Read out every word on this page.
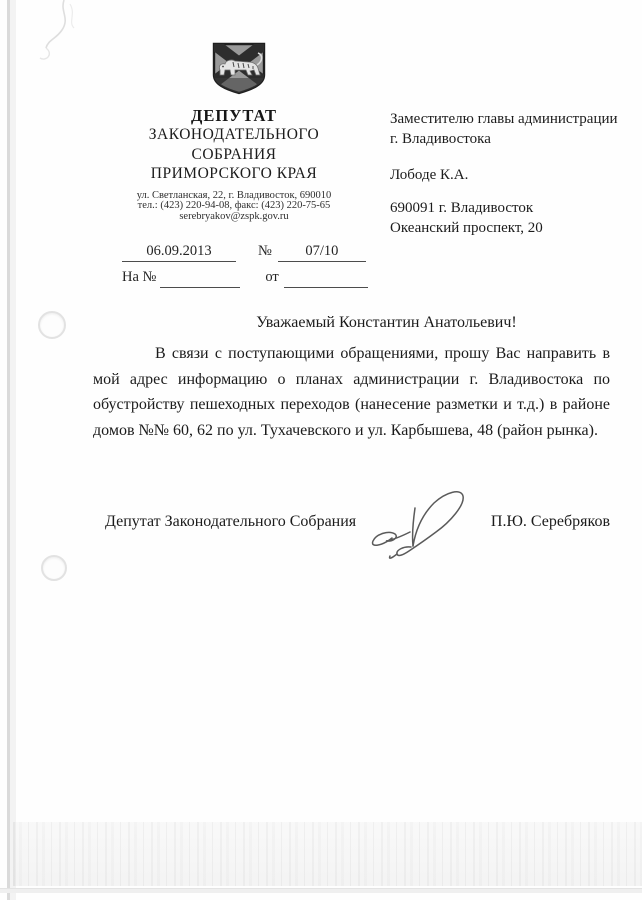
ДЕПУТАТ
ЗАКОНОДАТЕЛЬНОГО
СОБРАНИЯ
ПРИМОРСКОГО КРАЯ
ул. Светланская, 22, г. Владивосток, 690010
тел.: (423) 220-94-08, факс: (423) 220-75-65
serebryakov@zspk.gov.ru
Заместителю главы администрации
г. Владивостока
Лободе К.А.
690091 г. Владивосток
Океанский проспект, 20
06.09.2013	№	07/10
На №	от
Уважаемый Константин Анатольевич!
В связи с поступающими обращениями, прошу Вас направить в мой адрес информацию о планах администрации г. Владивостока по обустройству пешеходных переходов (нанесение разметки и т.д.) в районе домов №№ 60, 62 по ул. Тухачевского и ул. Карбышева, 48 (район рынка).
Депутат Законодательного Собрания	П.Ю. Серебряков
